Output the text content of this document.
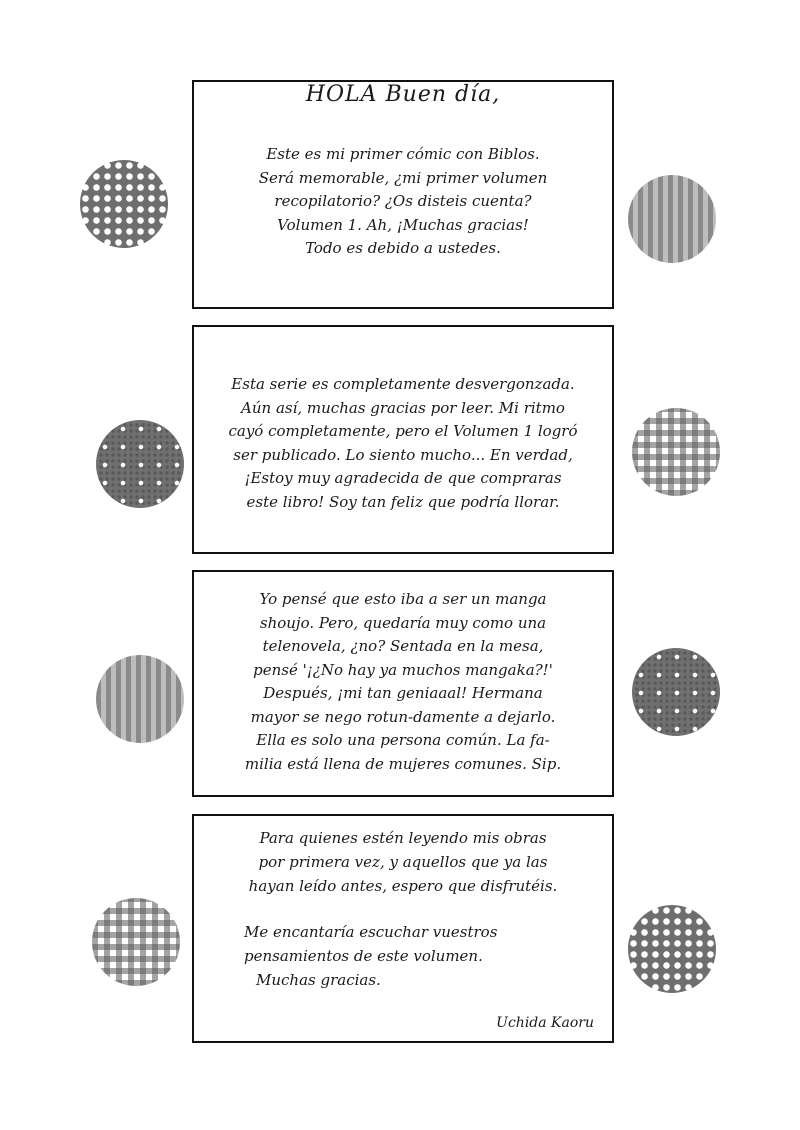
HOLA Buen día,

Este es mi primer cómic con Biblos.
Será memorable, ¿mi primer volumen
recopilatorio? ¿Os disteis cuenta?
Volumen 1. Ah, ¡Muchas gracias!
Todo es debido a ustedes.

Esta serie es completamente desvergonzada.
Aún así, muchas gracias por leer. Mi ritmo
cayó completamente, pero el Volumen 1 logró
ser publicado. Lo siento mucho... En verdad,
¡Estoy muy agradecida de que compraras
este libro! Soy tan feliz que podría llorar.

Yo pensé que esto iba a ser un manga
shoujo. Pero, quedaría muy como una
telenovela, ¿no? Sentada en la mesa,
pensé '¡¿No hay ya muchos mangaka?!'
Después, ¡mi tan geniaaal! Hermana
mayor se nego rotun-damente a dejarlo.
Ella es solo una persona común. La fa-
milia está llena de mujeres comunes. Sip.

Para quienes estén leyendo mis obras
por primera vez, y aquellos que ya las
hayan leído antes, espero que disfrutéis.

Me encantaría escuchar vuestros
pensamientos de este volumen.
Muchas gracias.

Uchida Kaoru
